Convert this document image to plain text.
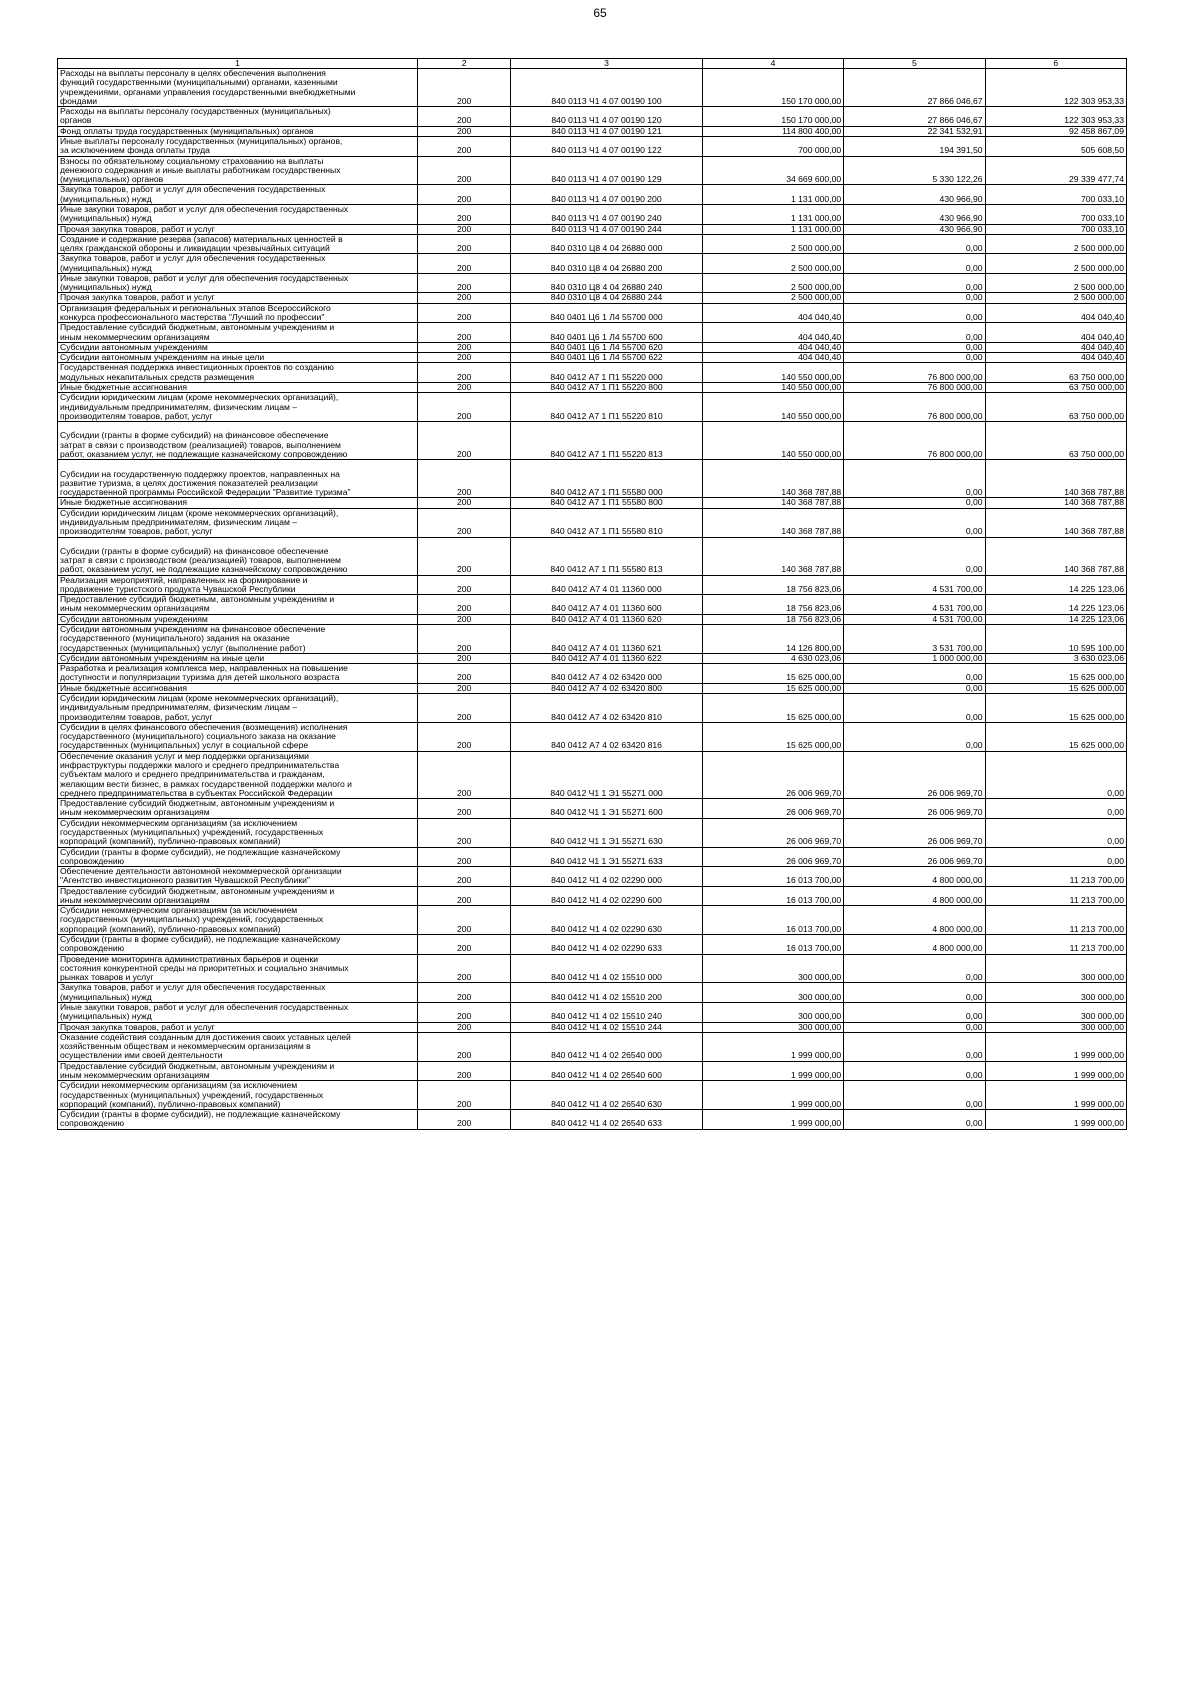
65
1	2	3	4	5	6
Расходы на выплаты персоналу в целях обеспечения выполнения
функций государственными (муниципальными) органами, казенными
учреждениями, органами управления государственными внебюджетными
фондами	200	840 0113 Ч1 4 07 00190 100	150 170 000,00	27 866 046,67	122 303 953,33
Расходы на выплаты персоналу государственных (муниципальных)
органов	200	840 0113 Ч1 4 07 00190 120	150 170 000,00	27 866 046,67	122 303 953,33
Фонд оплаты труда государственных (муниципальных) органов	200	840 0113 Ч1 4 07 00190 121	114 800 400,00	22 341 532,91	92 458 867,09
Иные выплаты персоналу государственных (муниципальных) органов,
за исключением фонда оплаты труда	200	840 0113 Ч1 4 07 00190 122	700 000,00	194 391,50	505 608,50
Взносы по обязательному социальному страхованию на выплаты
денежного содержания и иные выплаты работникам государственных
(муниципальных) органов	200	840 0113 Ч1 4 07 00190 129	34 669 600,00	5 330 122,26	29 339 477,74
Закупка товаров, работ и услуг для обеспечения государственных
(муниципальных) нужд	200	840 0113 Ч1 4 07 00190 200	1 131 000,00	430 966,90	700 033,10
Иные закупки товаров, работ и услуг для обеспечения государственных
(муниципальных) нужд	200	840 0113 Ч1 4 07 00190 240	1 131 000,00	430 966,90	700 033,10
Прочая закупка товаров, работ и услуг	200	840 0113 Ч1 4 07 00190 244	1 131 000,00	430 966,90	700 033,10
Создание и содержание резерва (запасов) материальных ценностей в
целях гражданской обороны и ликвидации чрезвычайных ситуаций	200	840 0310 Ц8 4 04 26880 000	2 500 000,00	0,00	2 500 000,00
Закупка товаров, работ и услуг для обеспечения государственных
(муниципальных) нужд	200	840 0310 Ц8 4 04 26880 200	2 500 000,00	0,00	2 500 000,00
Иные закупки товаров, работ и услуг для обеспечения государственных
(муниципальных) нужд	200	840 0310 Ц8 4 04 26880 240	2 500 000,00	0,00	2 500 000,00
Прочая закупка товаров, работ и услуг	200	840 0310 Ц8 4 04 26880 244	2 500 000,00	0,00	2 500 000,00
Организация федеральных и региональных этапов Всероссийского
конкурса профессионального мастерства "Лучший по профессии"	200	840 0401 Ц6 1 Л4 55700 000	404 040,40	0,00	404 040,40
Предоставление субсидий бюджетным, автономным учреждениям и
иным некоммерческим организациям	200	840 0401 Ц6 1 Л4 55700 600	404 040,40	0,00	404 040,40
Субсидии автономным учреждениям	200	840 0401 Ц6 1 Л4 55700 620	404 040,40	0,00	404 040,40
Субсидии автономным учреждениям на иные цели	200	840 0401 Ц6 1 Л4 55700 622	404 040,40	0,00	404 040,40
Государственная поддержка инвестиционных проектов по созданию
модульных некапитальных средств размещения	200	840 0412 А7 1 П1 55220 000	140 550 000,00	76 800 000,00	63 750 000,00
Иные бюджетные ассигнования	200	840 0412 А7 1 П1 55220 800	140 550 000,00	76 800 000,00	63 750 000,00
Субсидии юридическим лицам (кроме некоммерческих организаций),
индивидуальным предпринимателям, физическим лицам –
производителям товаров, работ, услуг	200	840 0412 А7 1 П1 55220 810	140 550 000,00	76 800 000,00	63 750 000,00

Субсидии (гранты в форме субсидий) на финансовое обеспечение
затрат в связи с производством (реализацией) товаров, выполнением
работ, оказанием услуг, не подлежащие казначейскому сопровождению	200	840 0412 А7 1 П1 55220 813	140 550 000,00	76 800 000,00	63 750 000,00

Субсидии на государственную поддержку проектов, направленных на
развитие туризма, в целях достижения показателей реализации
государственной программы Российской Федерации "Развитие туризма"	200	840 0412 А7 1 П1 55580 000	140 368 787,88	0,00	140 368 787,88
Иные бюджетные ассигнования	200	840 0412 А7 1 П1 55580 800	140 368 787,88	0,00	140 368 787,88
Субсидии юридическим лицам (кроме некоммерческих организаций),
индивидуальным предпринимателям, физическим лицам –
производителям товаров, работ, услуг	200	840 0412 А7 1 П1 55580 810	140 368 787,88	0,00	140 368 787,88

Субсидии (гранты в форме субсидий) на финансовое обеспечение
затрат в связи с производством (реализацией) товаров, выполнением
работ, оказанием услуг, не подлежащие казначейскому сопровождению	200	840 0412 А7 1 П1 55580 813	140 368 787,88	0,00	140 368 787,88
Реализация мероприятий, направленных на формирование и
продвижение туристского продукта Чувашской Республики	200	840 0412 А7 4 01 11360 000	18 756 823,06	4 531 700,00	14 225 123,06
Предоставление субсидий бюджетным, автономным учреждениям и
иным некоммерческим организациям	200	840 0412 А7 4 01 11360 600	18 756 823,06	4 531 700,00	14 225 123,06
Субсидии автономным учреждениям	200	840 0412 А7 4 01 11360 620	18 756 823,06	4 531 700,00	14 225 123,06
Субсидии автономным учреждениям на финансовое обеспечение
государственного (муниципального) задания на оказание
государственных (муниципальных) услуг (выполнение работ)	200	840 0412 А7 4 01 11360 621	14 126 800,00	3 531 700,00	10 595 100,00
Субсидии автономным учреждениям на иные цели	200	840 0412 А7 4 01 11360 622	4 630 023,06	1 000 000,00	3 630 023,06
Разработка и реализация комплекса мер, направленных на повышение
доступности и популяризации туризма для детей школьного возраста	200	840 0412 А7 4 02 63420 000	15 625 000,00	0,00	15 625 000,00
Иные бюджетные ассигнования	200	840 0412 А7 4 02 63420 800	15 625 000,00	0,00	15 625 000,00
Субсидии юридическим лицам (кроме некоммерческих организаций),
индивидуальным предпринимателям, физическим лицам –
производителям товаров, работ, услуг	200	840 0412 А7 4 02 63420 810	15 625 000,00	0,00	15 625 000,00
Субсидии в целях финансового обеспечения (возмещения) исполнения
государственного (муниципального) социального заказа на оказание
государственных (муниципальных) услуг в социальной сфере	200	840 0412 А7 4 02 63420 816	15 625 000,00	0,00	15 625 000,00
Обеспечение оказания услуг и мер поддержки организациями
инфраструктуры поддержки малого и среднего предпринимательства
субъектам малого и среднего предпринимательства и гражданам,
желающим вести бизнес, в рамках государственной поддержки малого и
среднего предпринимательства в субъектах Российской Федерации	200	840 0412 Ч1 1 Э1 55271 000	26 006 969,70	26 006 969,70	0,00
Предоставление субсидий бюджетным, автономным учреждениям и
иным некоммерческим организациям	200	840 0412 Ч1 1 Э1 55271 600	26 006 969,70	26 006 969,70	0,00
Субсидии некоммерческим организациям (за исключением
государственных (муниципальных) учреждений, государственных
корпораций (компаний), публично-правовых компаний)	200	840 0412 Ч1 1 Э1 55271 630	26 006 969,70	26 006 969,70	0,00
Субсидии (гранты в форме субсидий), не подлежащие казначейскому
сопровождению	200	840 0412 Ч1 1 Э1 55271 633	26 006 969,70	26 006 969,70	0,00
Обеспечение деятельности автономной некоммерческой организации
"Агентство инвестиционного развития Чувашской Республики"	200	840 0412 Ч1 4 02 02290 000	16 013 700,00	4 800 000,00	11 213 700,00
Предоставление субсидий бюджетным, автономным учреждениям и
иным некоммерческим организациям	200	840 0412 Ч1 4 02 02290 600	16 013 700,00	4 800 000,00	11 213 700,00
Субсидии некоммерческим организациям (за исключением
государственных (муниципальных) учреждений, государственных
корпораций (компаний), публично-правовых компаний)	200	840 0412 Ч1 4 02 02290 630	16 013 700,00	4 800 000,00	11 213 700,00
Субсидии (гранты в форме субсидий), не подлежащие казначейскому
сопровождению	200	840 0412 Ч1 4 02 02290 633	16 013 700,00	4 800 000,00	11 213 700,00
Проведение мониторинга административных барьеров и оценки
состояния конкурентной среды на приоритетных и социально значимых
рынках товаров и услуг	200	840 0412 Ч1 4 02 15510 000	300 000,00	0,00	300 000,00
Закупка товаров, работ и услуг для обеспечения государственных
(муниципальных) нужд	200	840 0412 Ч1 4 02 15510 200	300 000,00	0,00	300 000,00
Иные закупки товаров, работ и услуг для обеспечения государственных
(муниципальных) нужд	200	840 0412 Ч1 4 02 15510 240	300 000,00	0,00	300 000,00
Прочая закупка товаров, работ и услуг	200	840 0412 Ч1 4 02 15510 244	300 000,00	0,00	300 000,00
Оказание содействия созданным для достижения своих уставных целей
хозяйственным обществам и некоммерческим организациям в
осуществлении ими своей деятельности	200	840 0412 Ч1 4 02 26540 000	1 999 000,00	0,00	1 999 000,00
Предоставление субсидий бюджетным, автономным учреждениям и
иным некоммерческим организациям	200	840 0412 Ч1 4 02 26540 600	1 999 000,00	0,00	1 999 000,00
Субсидии некоммерческим организациям (за исключением
государственных (муниципальных) учреждений, государственных
корпораций (компаний), публично-правовых компаний)	200	840 0412 Ч1 4 02 26540 630	1 999 000,00	0,00	1 999 000,00
Субсидии (гранты в форме субсидий), не подлежащие казначейскому
сопровождению	200	840 0412 Ч1 4 02 26540 633	1 999 000,00	0,00	1 999 000,00
